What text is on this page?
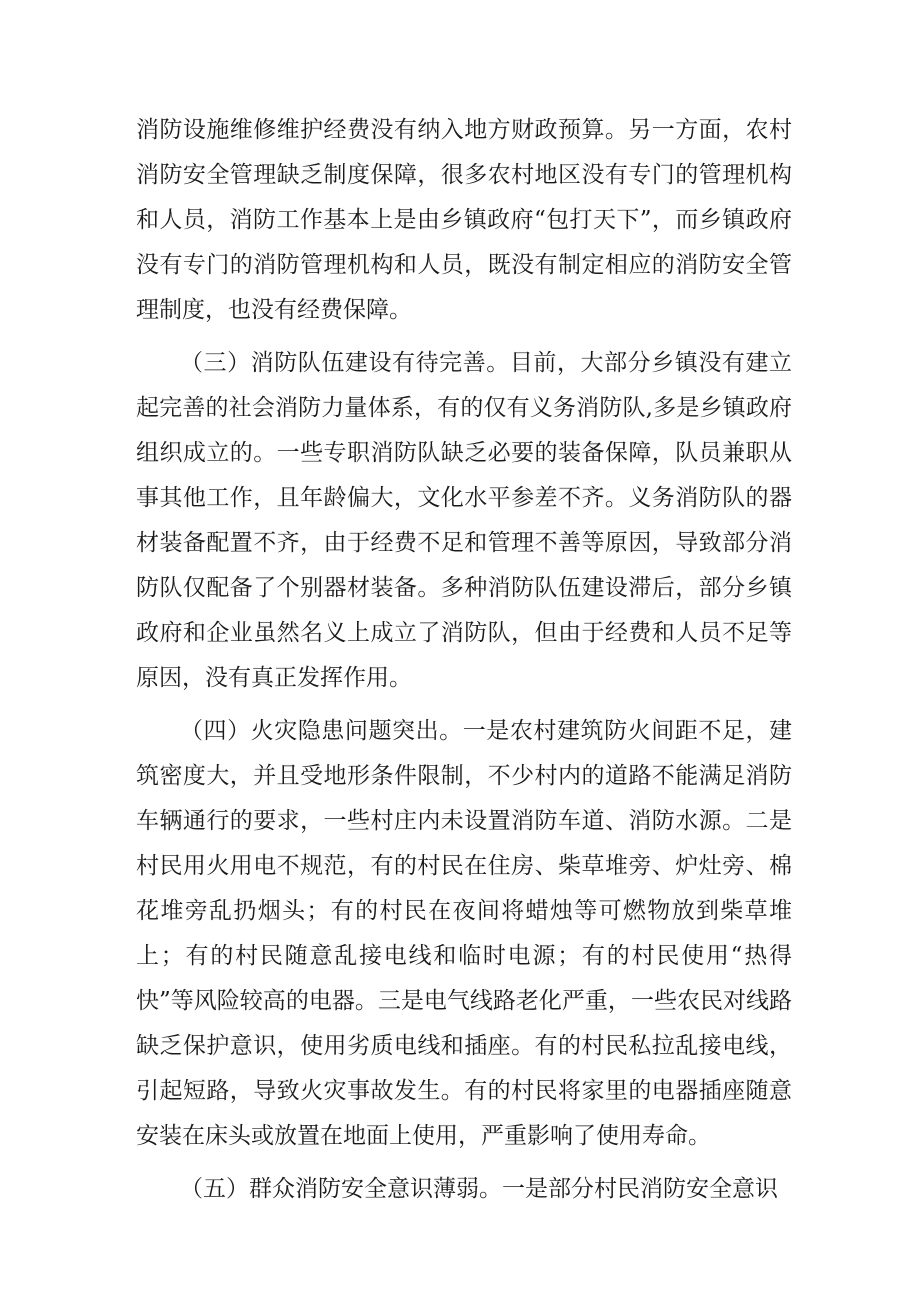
消防设施维修维护经费没有纳入地方财政预算。另一方面，农村消防安全管理缺乏制度保障，很多农村地区没有专门的管理机构和人员，消防工作基本上是由乡镇政府“包打天下”，而乡镇政府没有专门的消防管理机构和人员，既没有制定相应的消防安全管理制度，也没有经费保障。

（三）消防队伍建设有待完善。目前，大部分乡镇没有建立起完善的社会消防力量体系，有的仅有义务消防队,多是乡镇政府组织成立的。一些专职消防队缺乏必要的装备保障，队员兼职从事其他工作，且年龄偏大，文化水平参差不齐。义务消防队的器材装备配置不齐，由于经费不足和管理不善等原因，导致部分消防队仅配备了个别器材装备。多种消防队伍建设滞后，部分乡镇政府和企业虽然名义上成立了消防队，但由于经费和人员不足等原因，没有真正发挥作用。

（四）火灾隐患问题突出。一是农村建筑防火间距不足，建筑密度大，并且受地形条件限制，不少村内的道路不能满足消防车辆通行的要求，一些村庄内未设置消防车道、消防水源。二是村民用火用电不规范，有的村民在住房、柴草堆旁、炉灶旁、棉花堆旁乱扔烟头；有的村民在夜间将蜡烛等可燃物放到柴草堆上；有的村民随意乱接电线和临时电源；有的村民使用“热得快”等风险较高的电器。三是电气线路老化严重，一些农民对线路缺乏保护意识，使用劣质电线和插座。有的村民私拉乱接电线，引起短路，导致火灾事故发生。有的村民将家里的电器插座随意安装在床头或放置在地面上使用，严重影响了使用寿命。

（五）群众消防安全意识薄弱。一是部分村民消防安全意识
